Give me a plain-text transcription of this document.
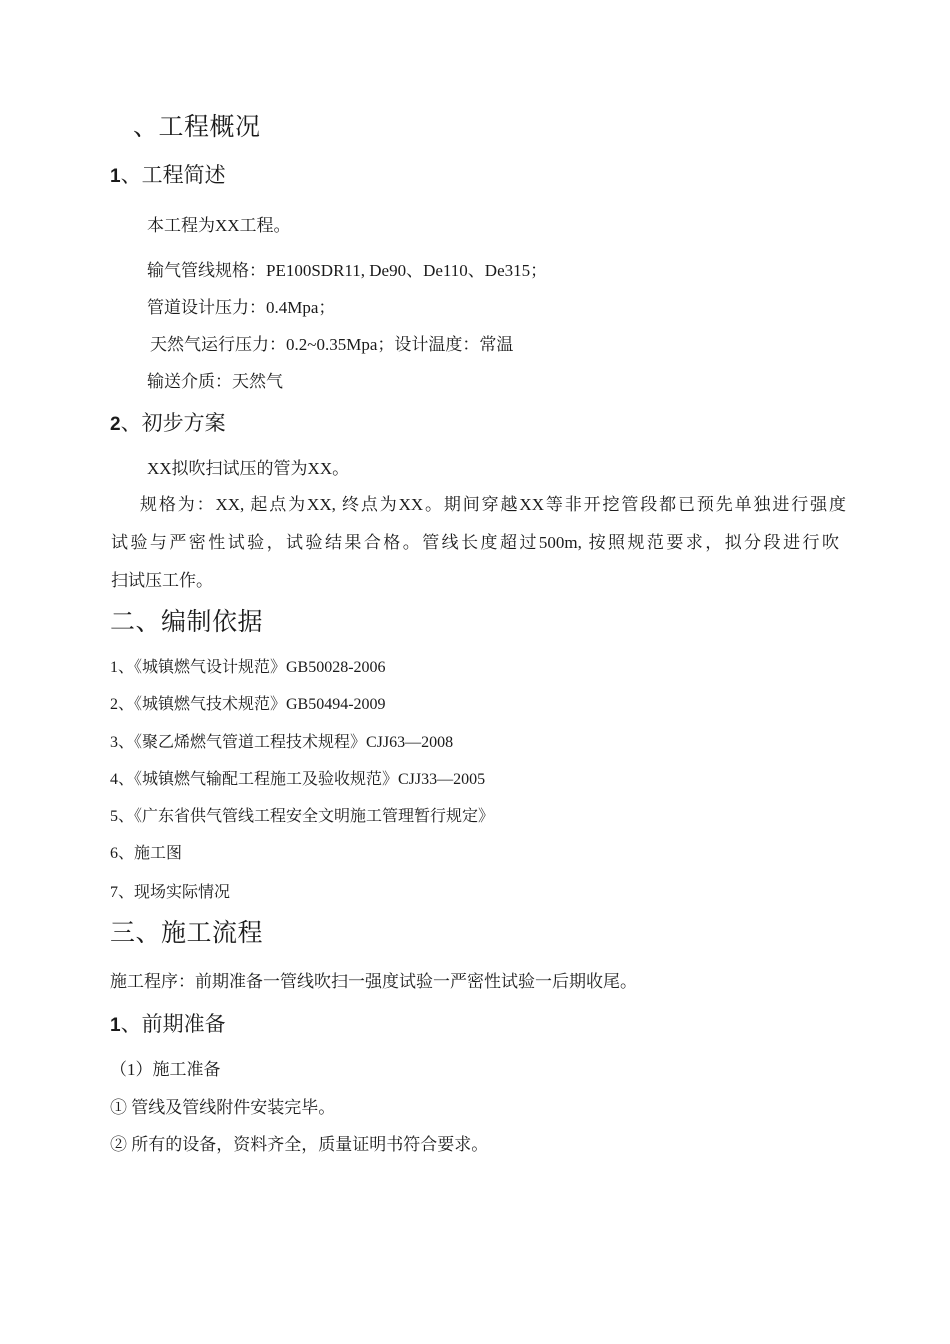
、工程概况
1、工程简述
本工程为XX工程。
输气管线规格：PE100SDR11, De90、De110、De315；
管道设计压力：0.4Mpa；
天然气运行压力：0.2~0.35Mpa；设计温度：常温
输送介质：天然气
2、初步方案
XX拟吹扫试压的管为XX。
规格为：XX, 起点为XX, 终点为XX。期间穿越XX等非开挖管段都已预先单独进行强度
试验与严密性试验，试验结果合格。管线长度超过500m, 按照规范要求，拟分段进行吹
扫试压工作。
二、编制依据
1、《城镇燃气设计规范》GB50028-2006
2、《城镇燃气技术规范》GB50494-2009
3、《聚乙烯燃气管道工程技术规程》CJJ63—2008
4、《城镇燃气输配工程施工及验收规范》CJJ33—2005
5、《广东省供气管线工程安全文明施工管理暂行规定》
6、施工图
7、现场实际情况
三、施工流程
施工程序：前期准备一管线吹扫一强度试验一严密性试验一后期收尾。
1、前期准备
（1）施工准备
① 管线及管线附件安装完毕。
② 所有的设备，资料齐全，质量证明书符合要求。
